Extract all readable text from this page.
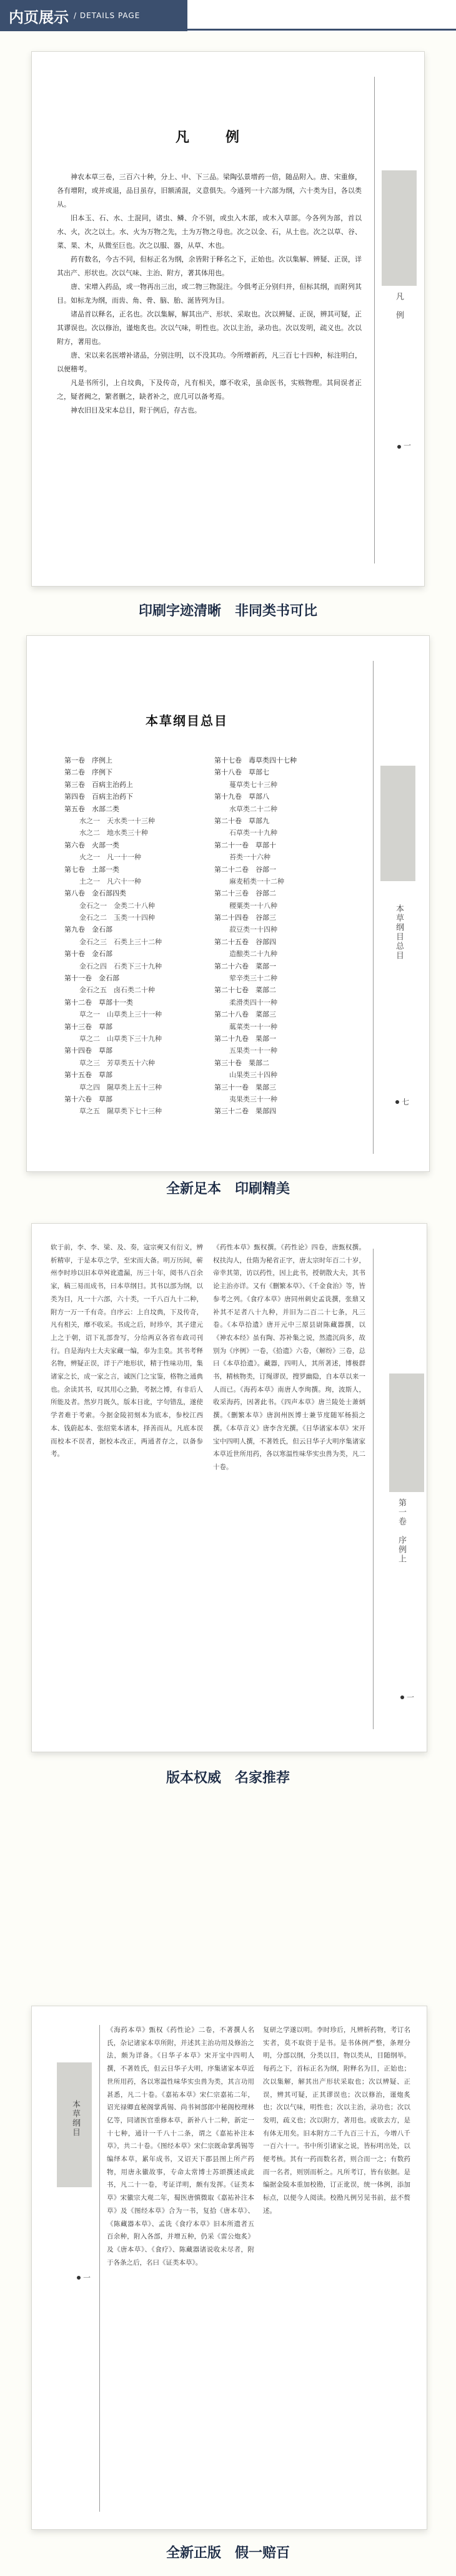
内页展示 / DETAILS PAGE
凡　例
一
凡　例

神农本草三卷，三百六十种，分上、中、下三品。梁陶弘景增药一倍，随品附入。唐、宋重修，各有增附，或并或退，品目虽存，旧额淆混，义意俱失。今通列一十六部为纲，六十类为目，各以类从。

旧本玉、石、水、土混同，诸虫、鳞、介不别，或虫入木部，或木入草部。今各列为部，首以水、火，次之以土。水、火为万物之先，土为万物之母也。次之以金、石，从土也。次之以草、谷、菜、果、木，从微至巨也。次之以服、器，从草、木也。

药有数名，今古不同，但标正名为纲，余皆附于释名之下，正始也。次以集解、辨疑、正误，详其出产、形状也。次以气味、主治、附方，著其体用也。

唐、宋增入药品，或一物再出三出，或二物三物混注。今俱考正分别归并，但标其纲，而附列其目。如标龙为纲，而齿、角、骨、脑、胎、涎皆列为目。

诸品首以释名，正名也。次以集解，解其出产、形状、采取也。次以辨疑、正误，辨其可疑，正其谬误也。次以修治，谨炮炙也。次以气味，明性也。次以主治，录功也。次以发明，疏义也。次以附方，著用也。

唐、宋以来名医增补诸品，分别注明，以不没其功。今所增新药，凡三百七十四种，标注明白，以便稽考。

凡是书所引，上自坟典，下及传奇，凡有相关，靡不收采，虽命医书，实赅物理。其间误者正之，疑者阙之，繁者删之，缺者补之，庶几可以备考焉。

神农旧目及宋本总目，附于例后，存古也。

印刷字迹清晰　非同类书可比
本草纲目总目
七
本草纲目总目
第一卷　序例上
第二卷　序例下
第三卷　百病主治药上
第四卷　百病主治药下
第五卷　水部二类
水之一　天水类一十三种
水之二　地水类三十种
第六卷　火部一类
火之一　凡一十一种
第七卷　土部一类
土之一　凡六十一种
第八卷　金石部四类
金石之一　金类二十八种
金石之二　玉类一十四种
第九卷　金石部
金石之三　石类上三十二种
第十卷　金石部
金石之四　石类下三十九种
第十一卷　金石部
金石之五　卤石类二十种
第十二卷　草部十一类
草之一　山草类上三十一种
第十三卷　草部
草之二　山草类下三十九种
第十四卷　草部
草之三　芳草类五十六种
第十五卷　草部
草之四　隰草类上五十三种
第十六卷　草部
草之五　隰草类下七十三种
第十七卷　毒草类四十七种
第十八卷　草部七
蔓草类七十三种
第十九卷　草部八
水草类二十二种
第二十卷　草部九
石草类一十九种
第二十一卷　草部十
苔类一十六种
第二十二卷　谷部一
麻麦稻类一十二种
第二十三卷　谷部二
稷粟类一十八种
第二十四卷　谷部三
菽豆类一十四种
第二十五卷　谷部四
造酿类二十九种
第二十六卷　菜部一
荤辛类三十二种
第二十七卷　菜部二
柔滑类四十一种
第二十八卷　菜部三
蓏菜类一十一种
第二十九卷　果部一
五果类一十一种
第三十卷　果部二
山果类三十四种
第三十一卷　果部三
夷果类三十一种
第三十二卷　果部四
全新足本　印刷精美
第一卷　序例上
一

软于前，李、李、梁、及、奏，寇宗奭又有衍义，辨析精审，于是本草之学，至宋而大备。明万历间，蕲州李时珍以旧本草舛讹遗漏，历三十年，阅书八百余家，稿三易而成书，曰本草纲目。其书以部为纲，以类为目，凡一十六部，六十类，一千八百九十二种，附方一万一千有奇。自序云：上自坟典，下及传奇，凡有相关，靡不收采。书成之后，时珍卒，其子建元上之于朝，诏下礼部誊写，分给两京各省布政司刊行。自是海内士大夫家藏一编，奉为圭臬。其书考释名物，辨疑正误，详于产地形状，精于性味功用，集诸家之长，成一家之言，诚医门之宝鉴，格物之通典也。余读其书，叹其用心之勤，考据之博，有非后人所能及者。然岁月既久，版本日讹，字句错乱，遂使学者难于考索。今据金陵初刻本为底本，参校江西本、钱蔚起本、张绍棠本诸本，择善而从，凡底本误而校本不误者，据校本改正，两通者存之，以备参考。

《药性本草》甄权撰。《药性论》四卷，唐甄权撰。权扶沟人，仕隋为秘省正字，唐太宗时年百二十岁，帝幸其第，访以药性，因上此书，授朝散大夫，其书论主治亦详。又有《删繁本草》、《千金食治》等，皆参考之列。《食疗本草》唐同州刺史孟诜撰，张鼎又补其不足者八十九种，并旧为二百二十七条，凡三卷。《本草拾遗》唐开元中三原县尉陈藏器撰，以《神农本经》虽有陶、苏补集之说，然遗沉尚多，故别为《序例》一卷，《拾遗》六卷，《解纷》三卷，总曰《本草拾遗》。藏器，四明人，其所著述，博极群书，精核物类，订绳谬误，搜罗幽隐，自本草以来一人而已。《海药本草》南唐人李珣撰。珣，波斯人，收采海药，因著此书。《四声本草》唐兰陵处士萧炳撰。《删繁本草》唐润州医博士兼节度随军杨损之撰。《本草音义》唐李含光撰。《日华诸家本草》宋开宝中四明人撰，不著姓氏，但云日华子大明序集诸家本草近世所用药，各以寒温性味华实虫兽为类，凡二十卷。

版本权威　名家推荐
本草纲目
一

《海药本草》甄权《药性论》二卷，不著撰人名氏，杂记诸家本草所附，并述其主治功用及修治之法，颇为详备。《日华子本草》宋开宝中四明人撰，不著姓氏，但云日华子大明，序集诸家本草近世所用药，各以寒温性味华实虫兽为类，其言功用甚悉，凡二十卷。《嘉祐本草》宋仁宗嘉祐二年，诏光禄卿直秘阁掌禹锡、尚书祠部郎中秘阁校理林亿等，同诸医官重修本草，新补八十二种，新定一十七种，通计一千八十二条，谓之《嘉祐补注本草》，共二十卷。《图经本草》宋仁宗既命掌禹锡等编绎本草，累年成书，又诏天下郡县图上所产药物，用唐永徽故事，专命太常博士苏颂撰述成此书，凡二十一卷，考证详明，颇有发挥。《证类本草》宋徽宗大观二年，蜀医唐慎微取《嘉祐补注本草》及《图经本草》合为一书，复拾《唐本草》、《陈藏器本草》、孟诜《食疗本草》旧本所遗者五百余种，附入各部，并增五种，仍采《雷公炮炙》及《唐本草》、《食疗》、陈藏器诸说收未尽者，附于各条之后，名曰《证类本草》。

复研之学遂以明。李时珍后，凡辨析药物，考订名实者，莫不取资于是书。是书体例严整，条理分明，分部以纲，分类以目，物以类从，目随纲举。每药之下，首标正名为纲，附释名为目，正始也；次以集解，解其出产形状采取也；次以辨疑、正误，辨其可疑，正其谬误也；次以修治，谨炮炙也；次以气味，明性也；次以主治，录功也；次以发明，疏义也；次以附方，著用也。或欲去方，是有体无用矣。旧本附方二千九百三十五，今增八千一百六十一。书中所引诸家之说，皆标明出处，以便考核。其有一药而数名者，则合而一之；有数药而一名者，则别而析之。凡所考订，皆有依据。是编据金陵本重加校勘，订正讹误，统一体例，添加标点，以便今人阅读。校勘凡例另见书前，兹不赘述。

全新正版　假一赔百
